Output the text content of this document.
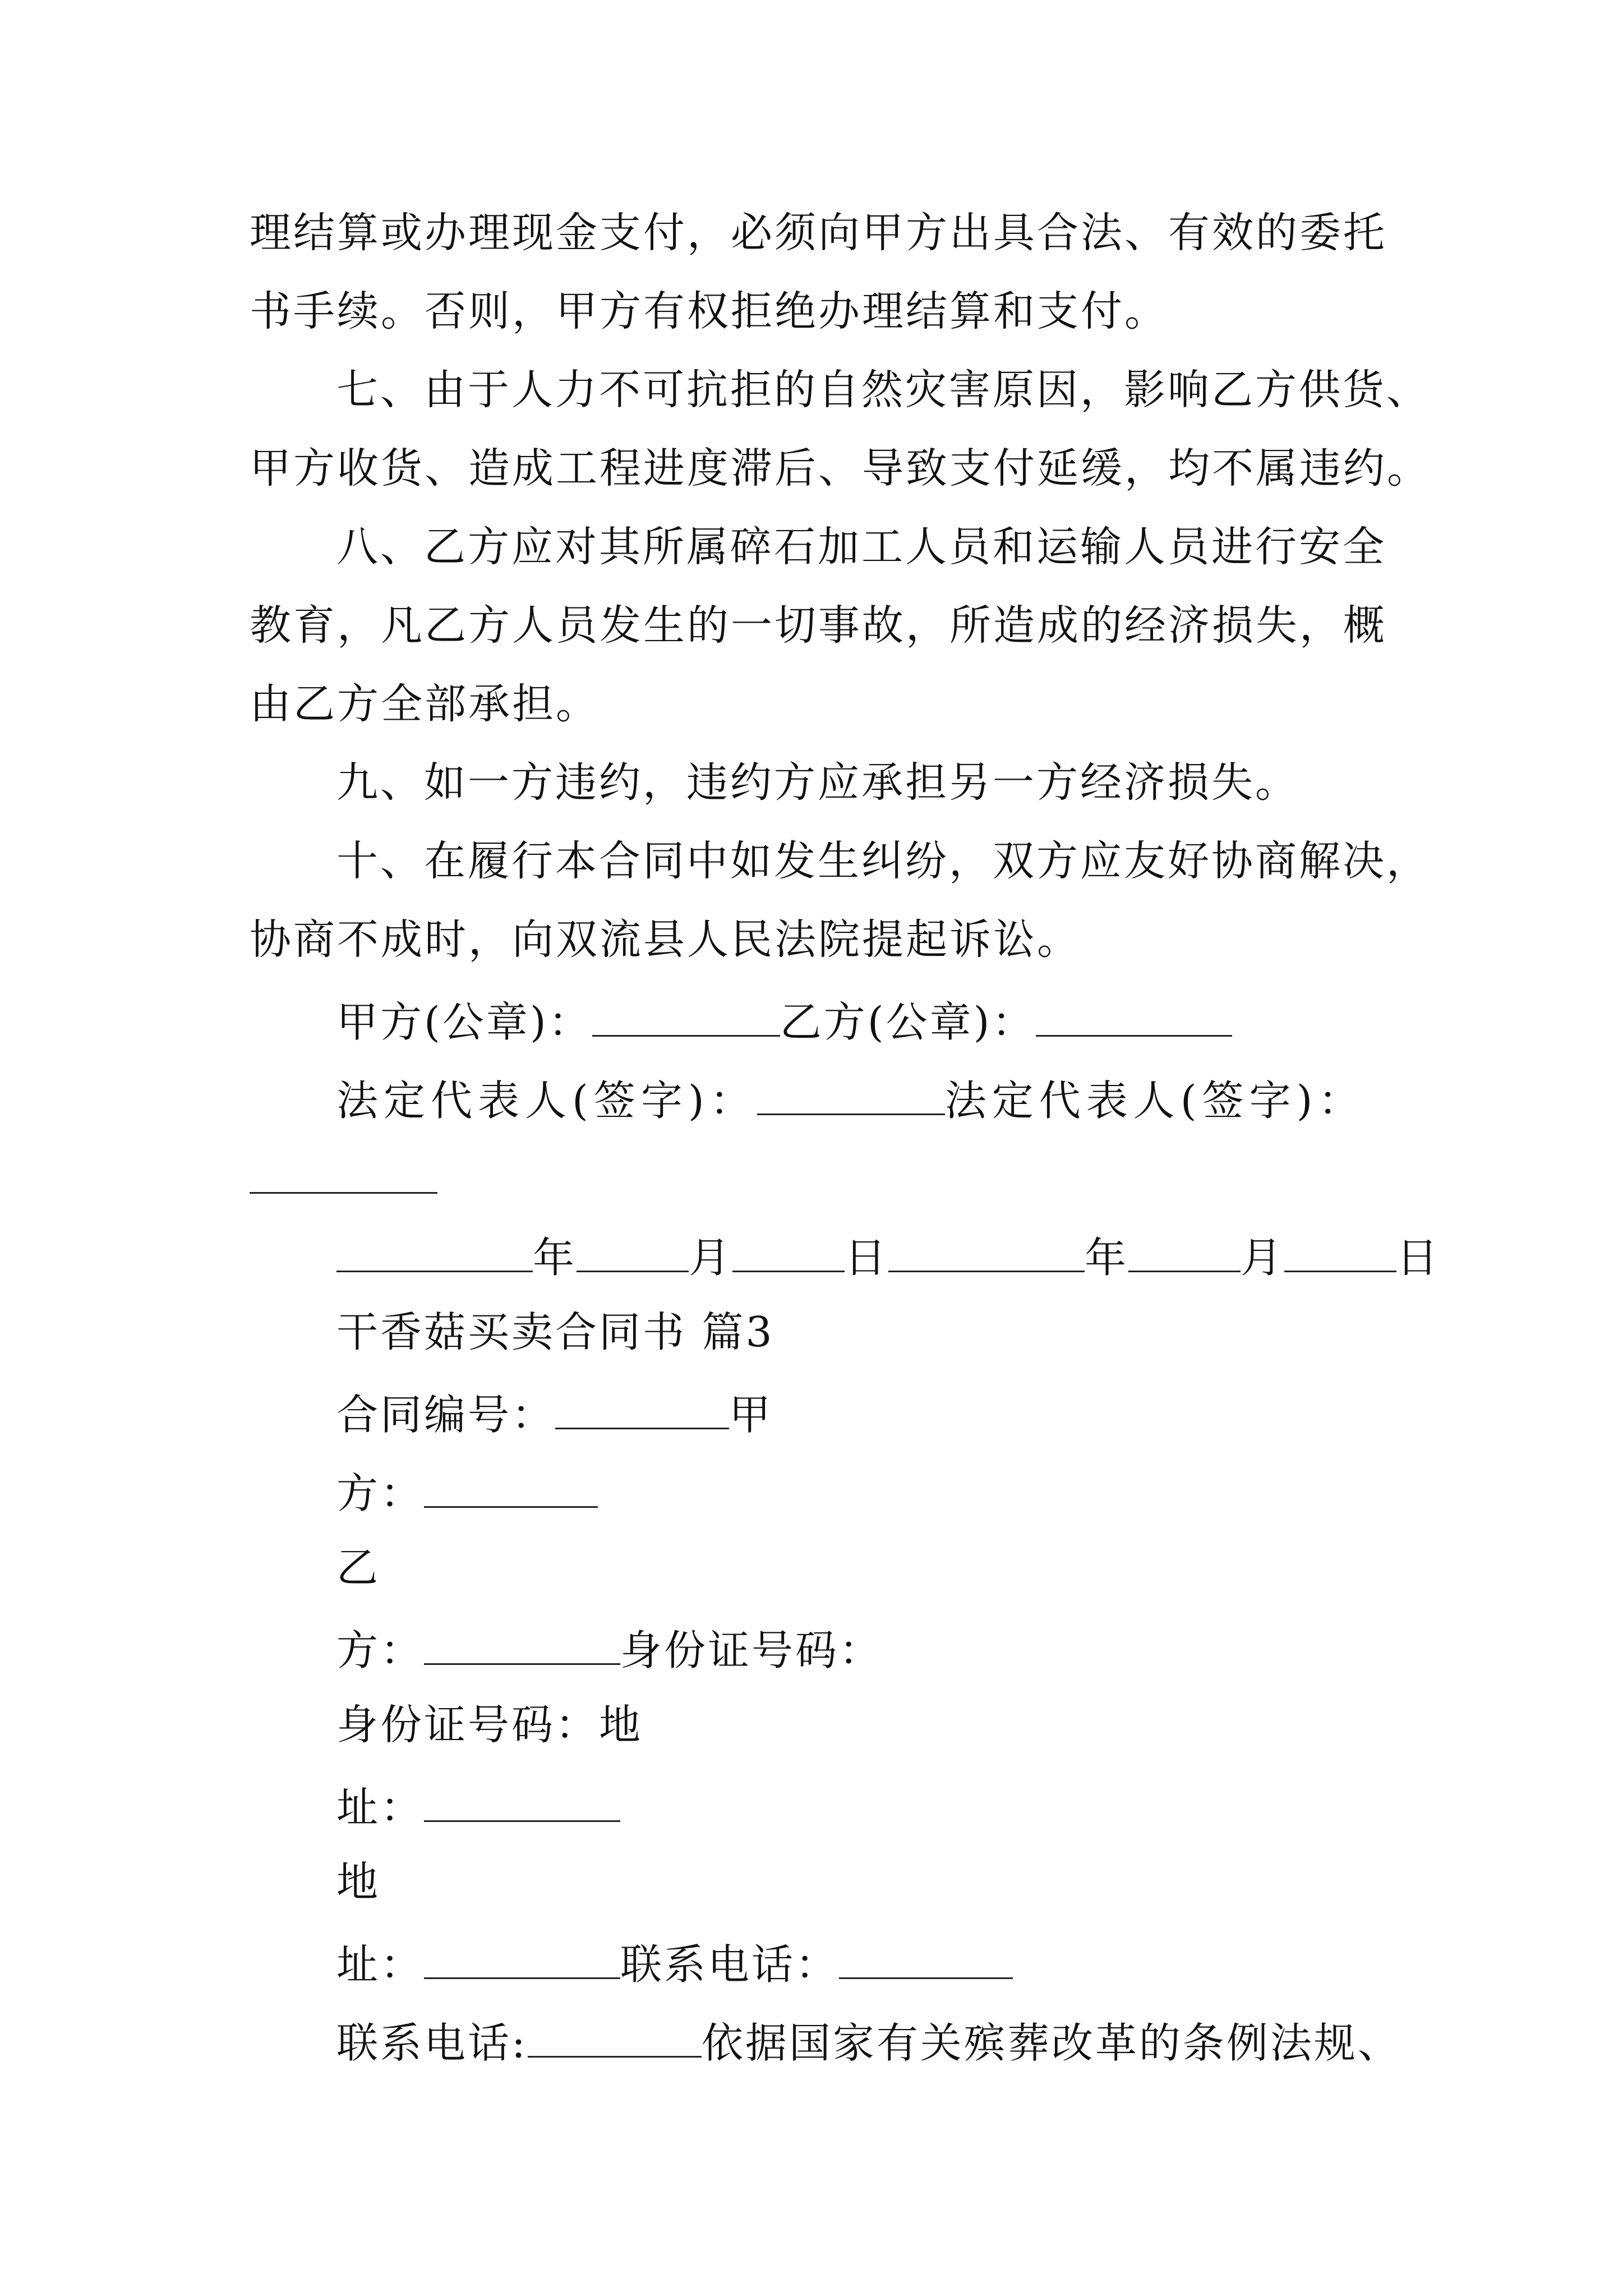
理结算或办理现金支付，必须向甲方出具合法、有效的委托
书手续。否则，甲方有权拒绝办理结算和支付。
七、由于人力不可抗拒的自然灾害原因，影响乙方供货、
甲方收货、造成工程进度滞后、导致支付延缓，均不属违约。
八、乙方应对其所属碎石加工人员和运输人员进行安全
教育，凡乙方人员发生的一切事故，所造成的经济损失，概
由乙方全部承担。
九、如一方违约，违约方应承担另一方经济损失。
十、在履行本合同中如发生纠纷，双方应友好协商解决，
协商不成时，向双流县人民法院提起诉讼。
甲方(公章)：	乙方(公章)：
法定代表人(签字)：	法定代表人(签字)：
年	月	日	年	月	日
干香菇买卖合同书 篇3
合同编号：	甲
方：
乙
方：	身份证号码：
身份证号码：地
址：
地
址：	联系电话：
联系电话:	依据国家有关殡葬改革的条例法规、
